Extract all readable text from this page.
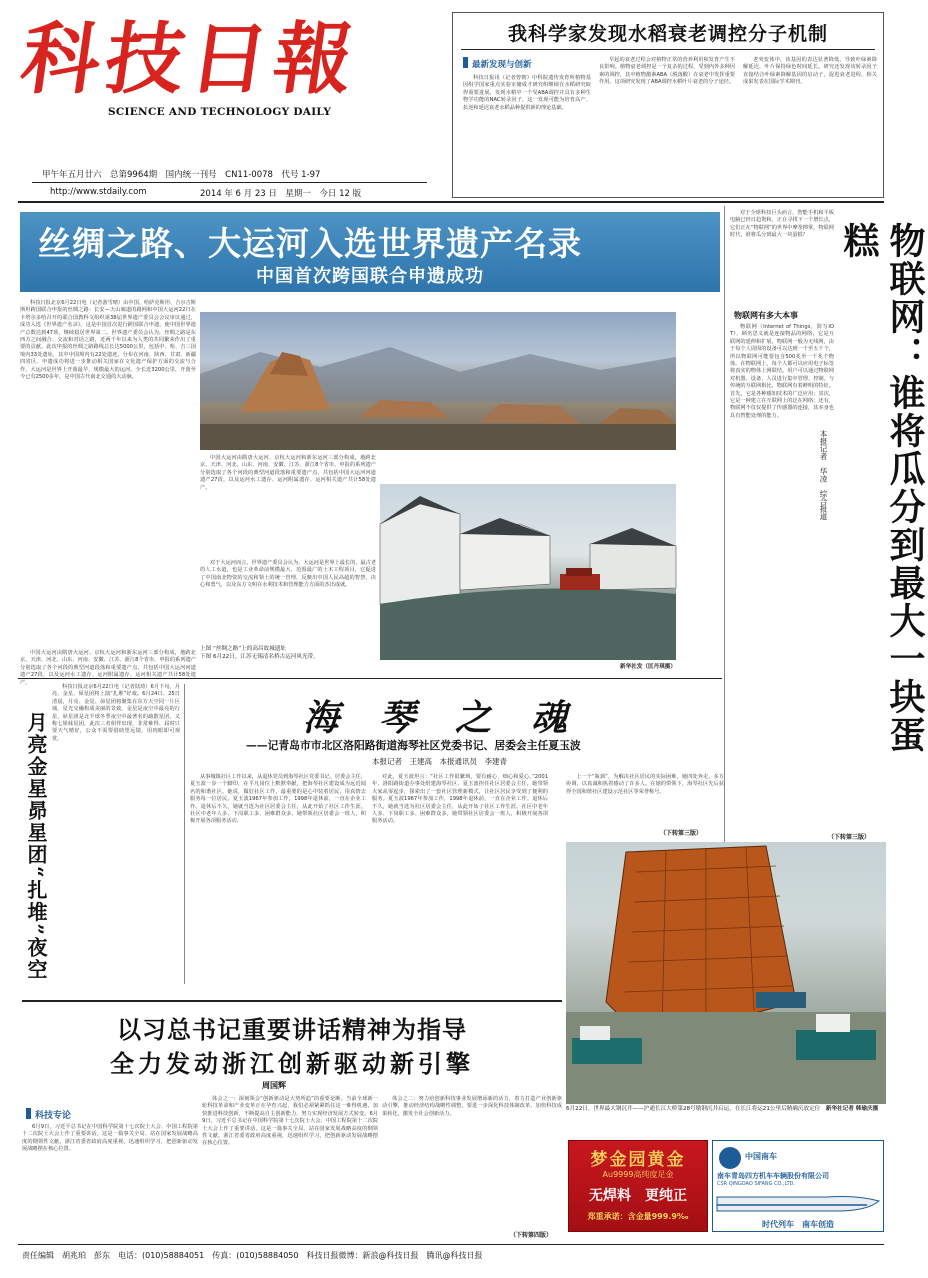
科技日報
SCIENCE AND TECHNOLOGY DAILY
甲午年五月廿六　总第9964期　国内统一刊号　CN11-0078　代号 1-97
http://www.stdaily.com	2014 年 6 月 23 日　星期一　今日 12 版
我科学家发现水稻衰老调控分子机制
最新发现与创新
科技日报讯（记者曾朝）中科院遗传发育所植物基因组学国家重点实验室储成才研究组继续在水稻研究取得重要进展，发现水稻中一个受ABA调控并具有多种生物学功能的NAC转录因子，这一发现可能为培育高产、抗逆和延迟衰老水稻品种提供新的理论基础。
早起的衰老过程会对植物正常的营养利用和发育产生不良影响。植物衰老调控是一个复杂的过程，受到内外多种因素的调控，其中植物激素ABA（脱落酸）在衰老中发挥重要作用。这项研究发现了ABA调控水稻叶片衰老的分子途径。
老突变体中，该基因的表达显著降低，导致叶绿素降解延迟，叶片保持绿色时间延长。研究还发现该转录因子直接结合叶绿素降解基因的启动子，促进衰老进程，相关成果发表在国际学术期刊。
丝绸之路、大运河入选世界遗产名录
中国首次跨国联合申遗成功
科技日报北京6月22日电（记者游雪晴）由中国、哈萨克斯坦、吉尔吉斯斯坦跨国联合申报的丝绸之路：长安—天山廊道的路网和中国大运河22日在卡塔尔多哈召开的联合国教科文组织第38届世界遗产委员会会议审议通过，成功入选《世界遗产名录》。这是中国首次进行跨国联合申遗，使中国世界遗产总数达到47项，继续稳居世界第二。世界遗产委员会认为，丝绸之路是东西方之间融合、交流和对话之路，近两千年以来为人类的共同繁荣作出了重要的贡献。此次申报的丝绸之路路线总长达5000公里，包括中、哈、吉三国境内33处遗址，其中中国境内有22处遗迹，分布在河南、陕西、甘肃、新疆四省区。申遗成功将进一步推动相关国家在文化遗产保护方面的交流与合作。大运河是世界上开凿最早、规模最大的运河，全长近3200公里，开凿至今已有2500多年，是中国古代南北交通的大动脉。
中国大运河由隋唐大运河、京杭大运河和浙东运河三部分构成，地跨北京、天津、河北、山东、河南、安徽、江苏、浙江8个省市，申报的系列遗产分别选取了各个河段的典型河道段落和重要遗产点，共包括中国大运河河道遗产27段，以及运河水工遗存、运河附属遗存、运河相关遗产共计58处遗产。
中国大运河由隋唐大运河、京杭大运河和浙东运河三部分构成，地跨北京、天津、河北、山东、河南、安徽、江苏、浙江8个省市，申报的系列遗产分别选取了各个河段的典型河道段落和重要遗产点，共包括中国大运河河道遗产27段，以及运河水工遗存、运河附属遗存、运河相关遗产共计58处遗产。
对于大运河而言，世界遗产委员会认为，大运河是世界上最长的、最古老的人工水道，也是工业革命前规模最大、范围最广的土木工程项目，它促进了中国南北物资的交流和领土的统一管理，反映出中国人民高超的智慧、决心和勇气，以及东方文明在水利技术和管理能力方面的杰出成就。
上图 “丝绸之路”上的高昌故城遗址
下图 6月22日，江苏无锡清名桥古运河风光带。
新华社发（匡丹琪摄）
月亮金星昴星团“扎堆”夜空
科技日报北京6月22日电（记者陆琦）6月下旬，月亮、金星、昴星团将上演“扎堆”好戏。6月24日、25日清晨，月亮、金星、昴星团将聚集在东方天空同一片区域，星光交融构成美丽的景致。金星是夜空中最亮的行星，昴星团是北半球冬季夜空中最著名的疏散星团，又称七姐妹星团，此次三者相伴出现，非常难得。届时只要天气晴好，公众不需要借助望远镜，用肉眼即可观赏。	海琴之魂
——记青岛市市北区洛阳路街道海琴社区党委书记、居委会主任夏玉波
本报记者　王建高　本报通讯员　李建青
从事城镇社区工作以来，从退休党员到海琴社区党委书记、居委会主任，夏玉波一步一个脚印，在平凡岗位上默默奉献，把海琴社区建设成为远近闻名的和谐社区。她说，做好社区工作，最重要的是心中装着居民，用真情去服务每一位居民。夏玉波1967年参加工作，1998年退休前，一直在企业工作。退休后不久，她就当选为社区居委会主任，从此开始了社区工作生涯。社区中老年人多、下岗职工多、困难群众多，她带领社区居委会一班人，积极开展各项服务活动。
对此，夏玉波坦言：“社区工作很繁琐，要有耐心、细心和爱心。”2001年，洛阳路街道办事处组建海琴社区，夏玉波担任社区居委会主任，她带领大家从零起步，探索出了一套社区管理新模式，让社区居民享受到了便利的服务。夏玉波1967年参加工作，1998年退休前，一直在企业工作。退休后不久，她就当选为社区居委会主任，从此开始了社区工作生涯。社区中老年人多、下岗职工多、困难群众多，她带领社区居委会一班人，积极开展各项服务活动。
上一个“瓶颈”，为解决社区居民的实际困难，她四处奔走，多方协调，以真诚和执着感动了许多人。在她的带领下，海琴社区先后获得全国和谐社区建设示范社区等荣誉称号。
（下转第三版）
对于全球科技巨头而言，智能手机和平板电脑已经日趋饱和，正在寻找下一个增长点，它们正在“物联网”的世界中摩拳擦掌。物联网时代，谁将瓜分到最大一块蛋糕？
物联网有多大本事
物联网（Internet of Things，简写IOT），顾名思义就是连接物品的网络，它是互联网的延伸和扩展。物联网一般为无线网，由于每个人周围的设备可以达到一千至五千个，所以物联网可能要包含500兆至一千兆个物体。在物联网上，每个人都可以应用电子标签将真实的物体上网联结。用户可以通过物联网对机器、设备、人员进行集中管理、控制。与传统的互联网相比，物联网有着鲜明的特征。首先，它是各种感知技术的广泛应用；其次，它是一种建立在互联网上的泛在网络；还有，物联网不仅仅提供了传感器的连接，其本身也具有智能处理的能力。	物联网：谁将瓜分到最大一块蛋糕
本报记者　华凌　综合报道
（下转第三版）
6月22日，世界最大钢沉井——沪通长江大桥第28号墩钢沉井启运，在长江将运21公里后精确沉放定位　 新华社记者 韩瑜庆摄
以习总书记重要讲话精神为指导
全力发动浙江创新驱动新引擎
周国辉
科技专论
6月9日，习近平总书记在中国科学院第十七次院士大会、中国工程院第十二次院士大会上作了重要讲话，这是一篇事关全局、站在国家发展战略高度的纲领性文献。浙江省委省政府高度重视，迅速组织学习，把创新驱动发展战略摆在核心位置。
体会之一：深刻领会“创新驱动是大势所趋”的重要论断。当前全球新一轮科技革命和产业变革正在孕育兴起，我们必须紧紧抓住这一难得机遇，加快推进科技创新，不断提高自主创新能力，努力实现经济发展方式转变。6月9日，习近平总书记在中国科学院第十七次院士大会、中国工程院第十二次院士大会上作了重要讲话，这是一篇事关全局、站在国家发展战略高度的纲领性文献。浙江省委省政府高度重视，迅速组织学习，把创新驱动发展战略摆在核心位置。
体会之二：努力给创新科技事业发展增添新的活力，着力打造产业创新驱动引擎，推动经济结构战略性调整。要进一步深化科技体制改革，加快科技成果转化，激发全社会创新活力。
（下转第四版）
梦金园黄金
Au9999高纯度足金
无焊料　更纯正
郑重承诺：含金量999.9‰
中国南车
南车青岛四方机车车辆股份有限公司
CSR QINGDAO SIFANG CO.,LTD.
时代列车　南车创造
责任编辑　胡兆珀　彭东　电话：(010)58884051　传真：(010)58884050　科技日报微博：新浪@科技日报　腾讯@科技日报
